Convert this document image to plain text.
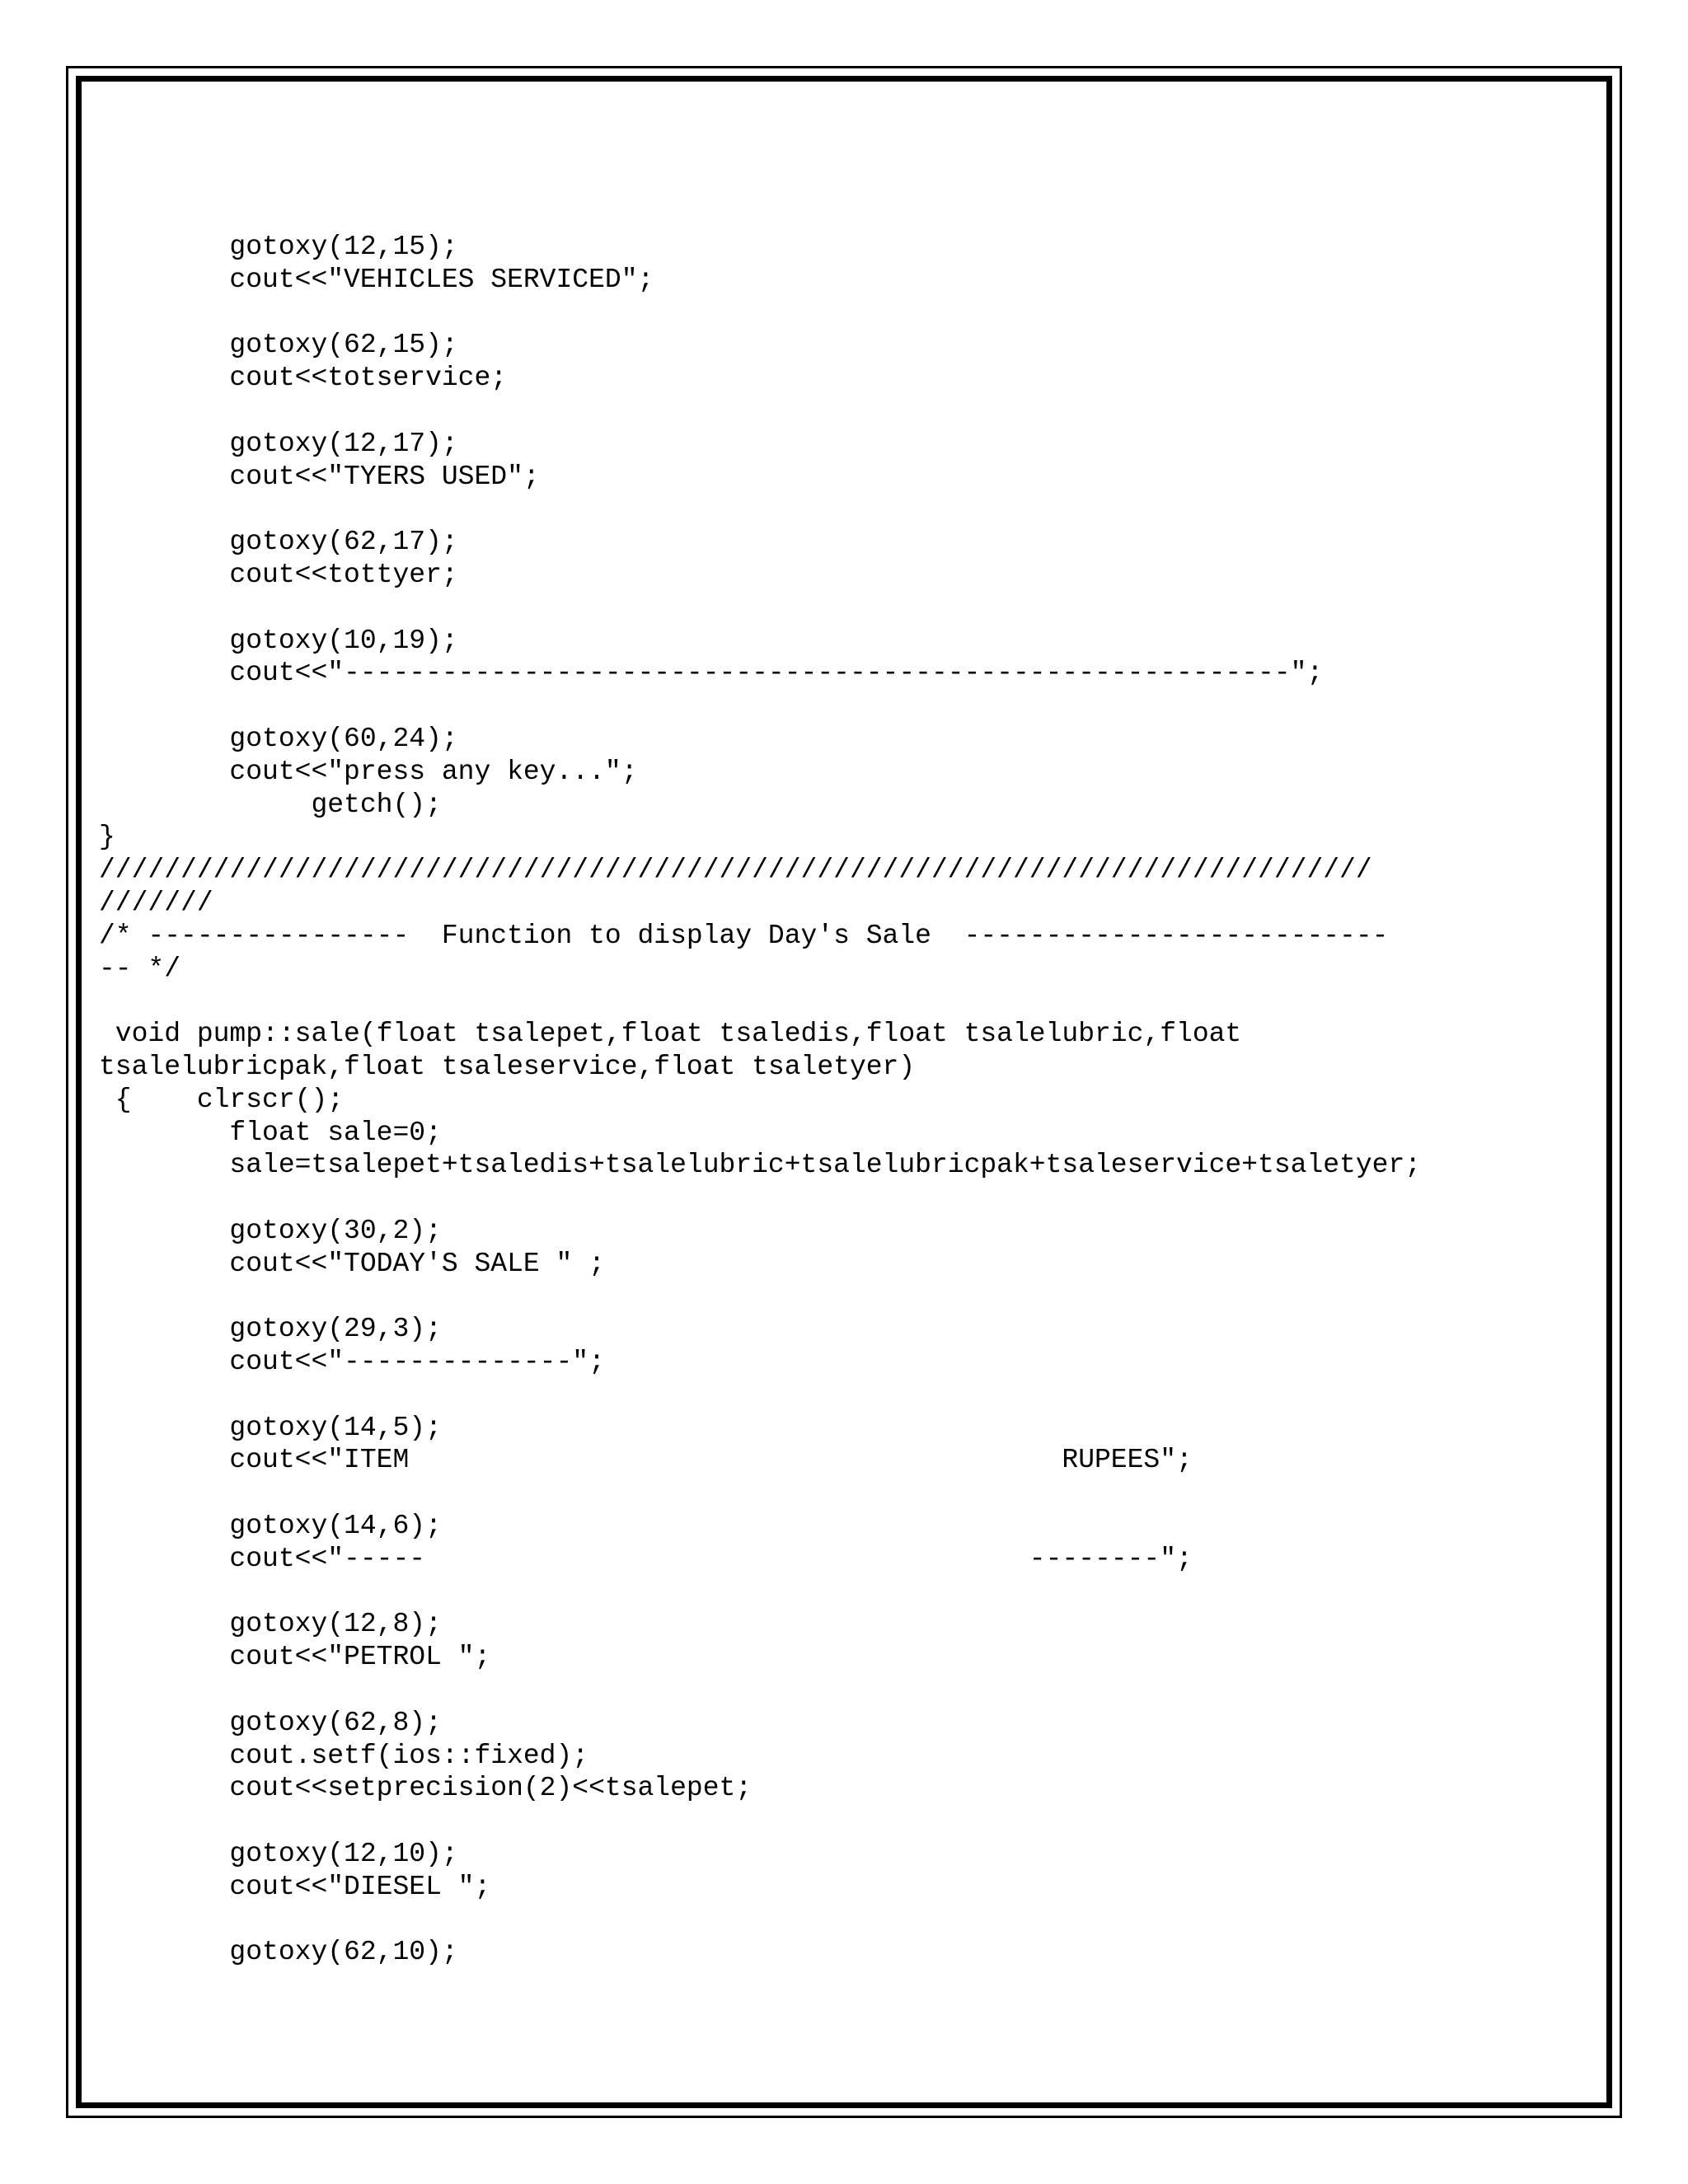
gotoxy(12,15);
cout<<"VEHICLES SERVICED";
gotoxy(62,15);
cout<<totservice;
gotoxy(12,17);
cout<<"TYERS USED";
gotoxy(62,17);
cout<<tottyer;
gotoxy(10,19);
cout<<"----------------------------------------------------------";
gotoxy(60,24);
cout<<"press any key...";
getch();
}
//////////////////////////////////////////////////////////////////////////////
///////
/* ----------------  Function to display Day's Sale  --------------------------
-- */
void pump::sale(float tsalepet,float tsaledis,float tsalelubric,float
tsalelubricpak,float tsaleservice,float tsaletyer)
{    clrscr();
float sale=0;
sale=tsalepet+tsaledis+tsalelubric+tsalelubricpak+tsaleservice+tsaletyer;
gotoxy(30,2);
cout<<"TODAY'S SALE " ;
gotoxy(29,3);
cout<<"--------------";
gotoxy(14,5);
cout<<"ITEM                                        RUPEES";
gotoxy(14,6);
cout<<"-----                                     --------";
gotoxy(12,8);
cout<<"PETROL ";
gotoxy(62,8);
cout.setf(ios::fixed);
cout<<setprecision(2)<<tsalepet;
gotoxy(12,10);
cout<<"DIESEL ";
gotoxy(62,10);
